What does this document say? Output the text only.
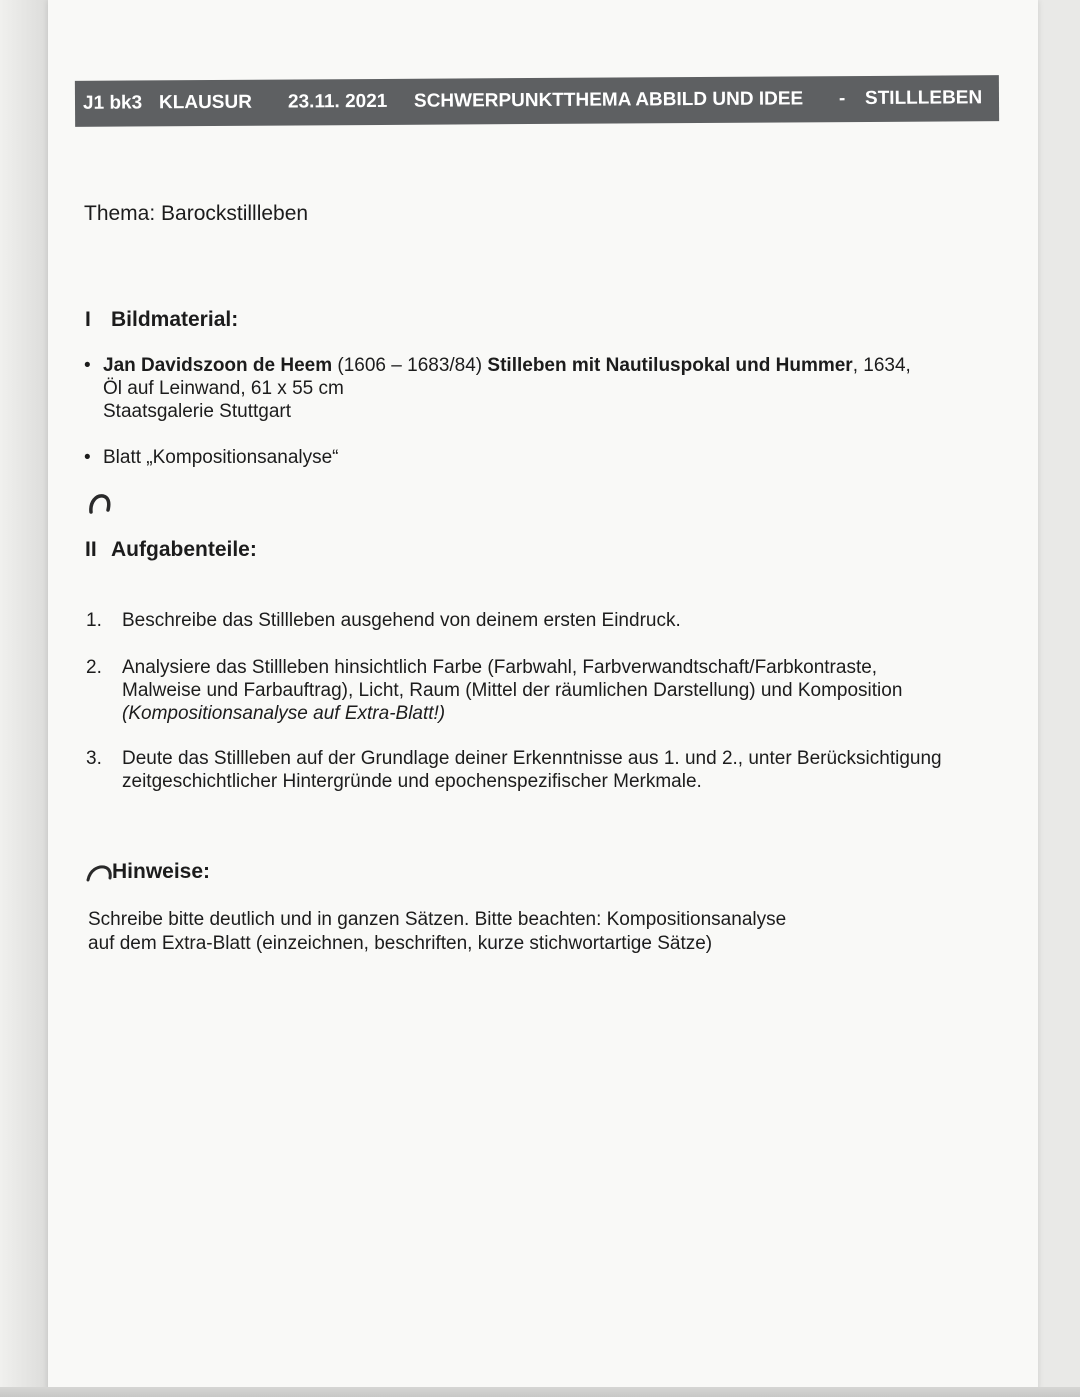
J1 bk3 KLAUSUR 23.11. 2021 SCHWERPUNKTTHEMA ABBILD UND IDEE - STILLLEBEN
Thema: Barockstillleben
I Bildmaterial:
• Jan Davidszoon de Heem (1606 – 1683/84) Stilleben mit Nautiluspokal und Hummer, 1634,
Öl auf Leinwand, 61 x 55 cm
Staatsgalerie Stuttgart
• Blatt „Kompositionsanalyse“
II Aufgabenteile:
1. Beschreibe das Stillleben ausgehend von deinem ersten Eindruck.
2. Analysiere das Stillleben hinsichtlich Farbe (Farbwahl, Farbverwandtschaft/Farbkontraste,
Malweise und Farbauftrag), Licht, Raum (Mittel der räumlichen Darstellung) und Komposition
(Kompositionsanalyse auf Extra-Blatt!)
3. Deute das Stillleben auf der Grundlage deiner Erkenntnisse aus 1. und 2., unter Berücksichtigung
zeitgeschichtlicher Hintergründe und epochenspezifischer Merkmale.
Hinweise:
Schreibe bitte deutlich und in ganzen Sätzen. Bitte beachten: Kompositionsanalyse
auf dem Extra-Blatt (einzeichnen, beschriften, kurze stichwortartige Sätze)
